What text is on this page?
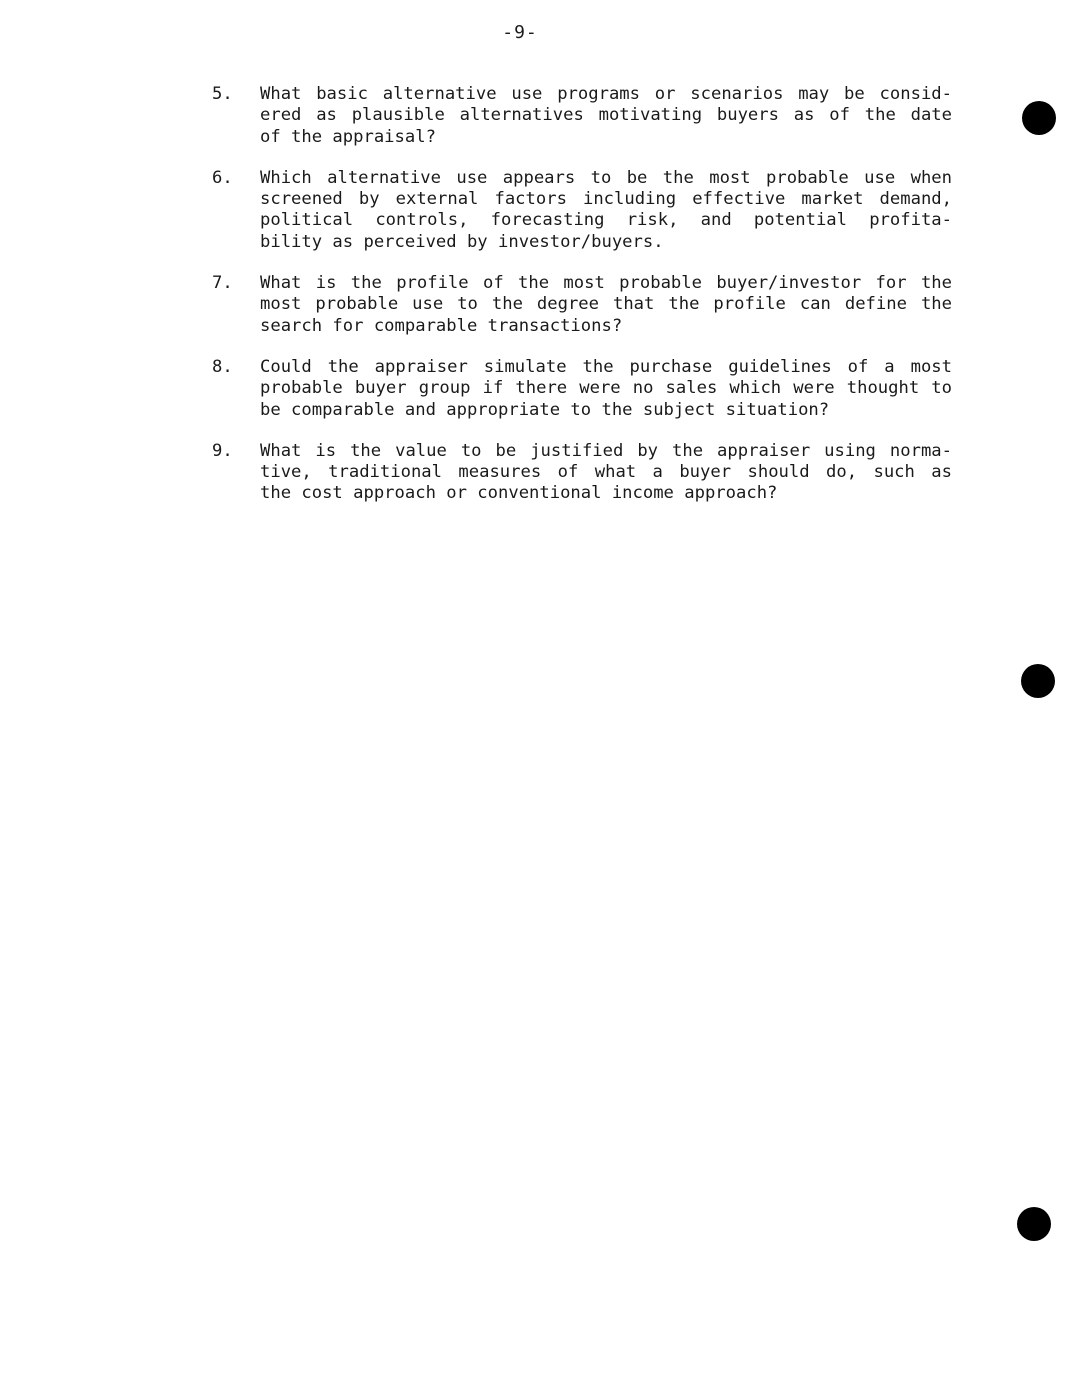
-9-
5.	What basic alternative use programs or scenarios may be consid-
ered as plausible alternatives motivating buyers as of the date
of the appraisal?
6.	Which alternative use appears to be the most probable use when
screened by external factors including effective market demand,
political controls, forecasting risk, and potential profita-
bility as perceived by investor/buyers.
7.	What is the profile of the most probable buyer/investor for the
most probable use to the degree that the profile can define the
search for comparable transactions?
8.	Could the appraiser simulate the purchase guidelines of a most
probable buyer group if there were no sales which were thought to
be comparable and appropriate to the subject situation?
9.	What is the value to be justified by the appraiser using norma-
tive, traditional measures of what a buyer should do, such as
the cost approach or conventional income approach?
